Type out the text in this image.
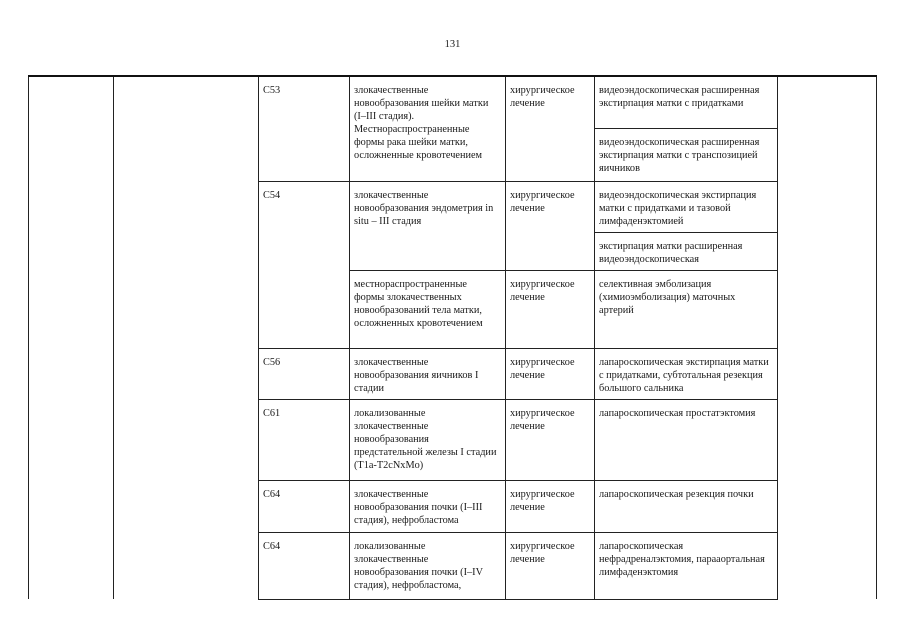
131
		C53	злокачественные новообразования шейки матки (I–III стадия). Местнораспространенные формы рака шейки матки, осложненные кровотечением	хирургическое лечение	видеоэндоскопическая расширенная экстирпация матки с придатками	
					видеоэндоскопическая расширенная экстирпация матки с транспозицией яичников	
		C54	злокачественные новообразования эндометрия in situ – III стадия	хирургическое лечение	видеоэндоскопическая экстирпация матки с придатками и тазовой лимфаденэктомией	
					экстирпация матки расширенная видеоэндоскопическая	
			местнораспространенные формы злокачественных новообразований тела матки, осложненных кровотечением	хирургическое лечение	селективная эмболизация (химиоэмболизация) маточных артерий	
		C56	злокачественные новообразования яичников I стадии	хирургическое лечение	лапароскопическая экстирпация матки с придатками, субтотальная резекция большого сальника	
		C61	локализованные злокачественные новообразования предстательной железы I стадии (T1a-T2cNxMo)	хирургическое лечение	лапароскопическая простатэктомия	
		C64	злокачественные новообразования почки (I–III стадия), нефробластома	хирургическое лечение	лапароскопическая резекция почки	
		C64	локализованные злокачественные новообразования почки (I–IV стадия), нефробластома,	хирургическое лечение	лапароскопическая нефрадреналэктомия, парааортальная лимфаденэктомия	
